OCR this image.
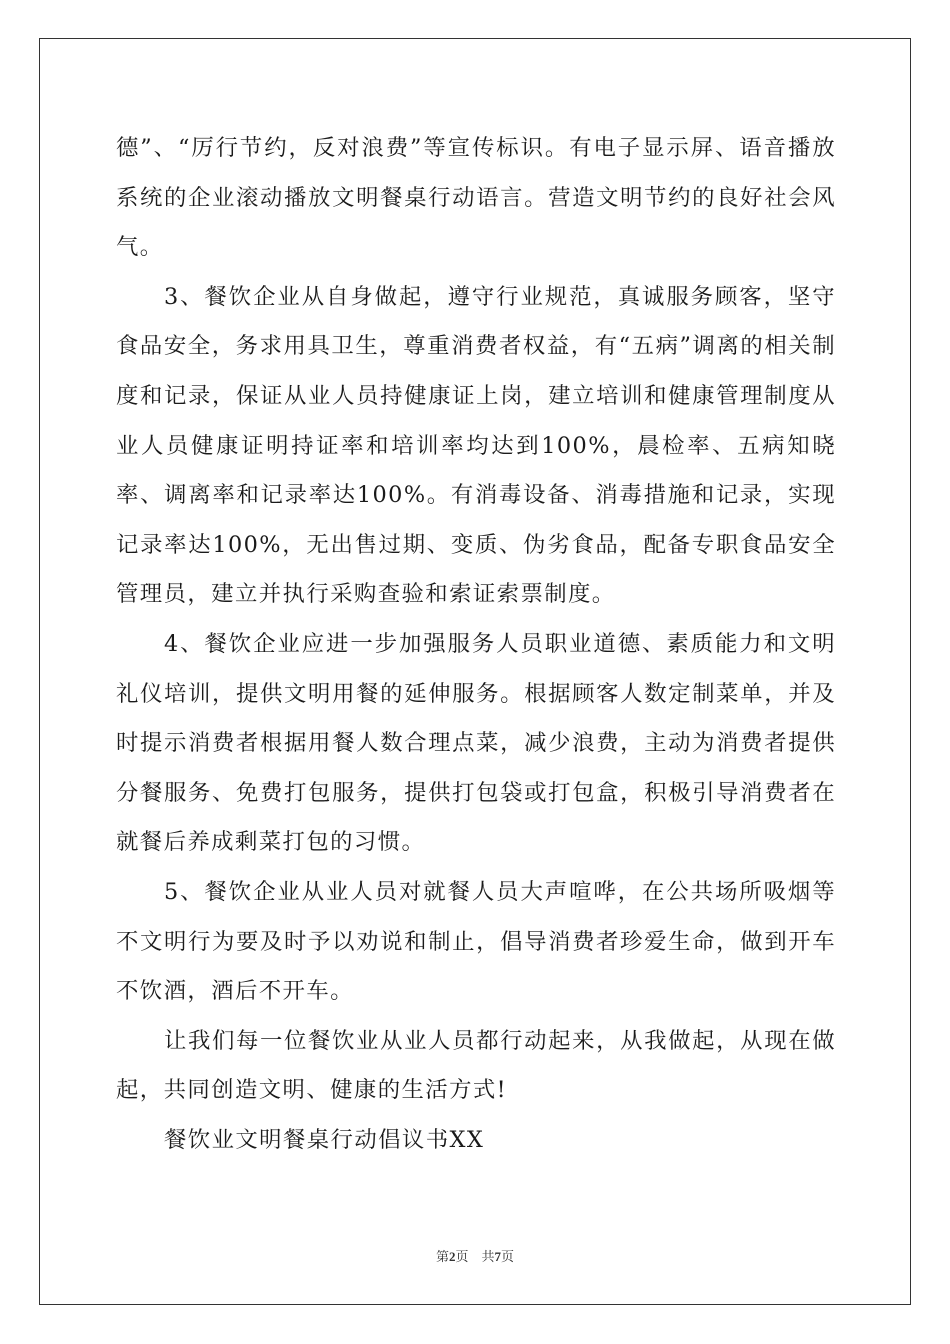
德”、“厉行节约，反对浪费”等宣传标识。有电子显示屏、语音播放系统的企业滚动播放文明餐桌行动语言。营造文明节约的良好社会风气。

3、餐饮企业从自身做起，遵守行业规范，真诚服务顾客，坚守食品安全，务求用具卫生，尊重消费者权益，有“五病”调离的相关制度和记录，保证从业人员持健康证上岗，建立培训和健康管理制度从业人员健康证明持证率和培训率均达到100%，晨检率、五病知晓率、调离率和记录率达100%。有消毒设备、消毒措施和记录，实现记录率达100%，无出售过期、变质、伪劣食品，配备专职食品安全管理员，建立并执行采购查验和索证索票制度。

4、餐饮企业应进一步加强服务人员职业道德、素质能力和文明礼仪培训，提供文明用餐的延伸服务。根据顾客人数定制菜单，并及时提示消费者根据用餐人数合理点菜，减少浪费，主动为消费者提供分餐服务、免费打包服务，提供打包袋或打包盒，积极引导消费者在就餐后养成剩菜打包的习惯。

5、餐饮企业从业人员对就餐人员大声喧哗，在公共场所吸烟等不文明行为要及时予以劝说和制止，倡导消费者珍爱生命，做到开车不饮酒，酒后不开车。

让我们每一位餐饮业从业人员都行动起来，从我做起，从现在做起，共同创造文明、健康的生活方式!

餐饮业文明餐桌行动倡议书XX

第2页　共7页
